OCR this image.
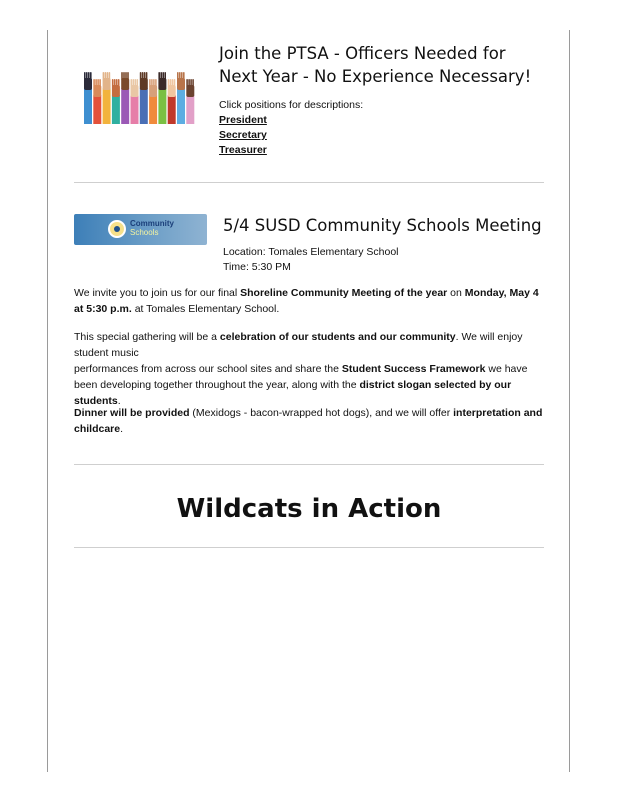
Join the PTSA - Officers Needed for Next Year - No Experience Necessary!
Click positions for descriptions:
President
Secretary
Treasurer
Community
Schools	5/4 SUSD Community Schools Meeting
Location: Tomales Elementary School
Time: 5:30 PM

We invite you to join us for our final Shoreline Community Meeting of the year on Monday, May 4 at 5:30 p.m. at Tomales Elementary School.

This special gathering will be a celebration of our students and our community. We will enjoy student music

performances from across our school sites and share the Student Success Framework we have been developing together throughout the year, along with the district slogan selected by our students.

Dinner will be provided (Mexidogs - bacon-wrapped hot dogs), and we will offer interpretation and childcare.

Wildcats in Action
